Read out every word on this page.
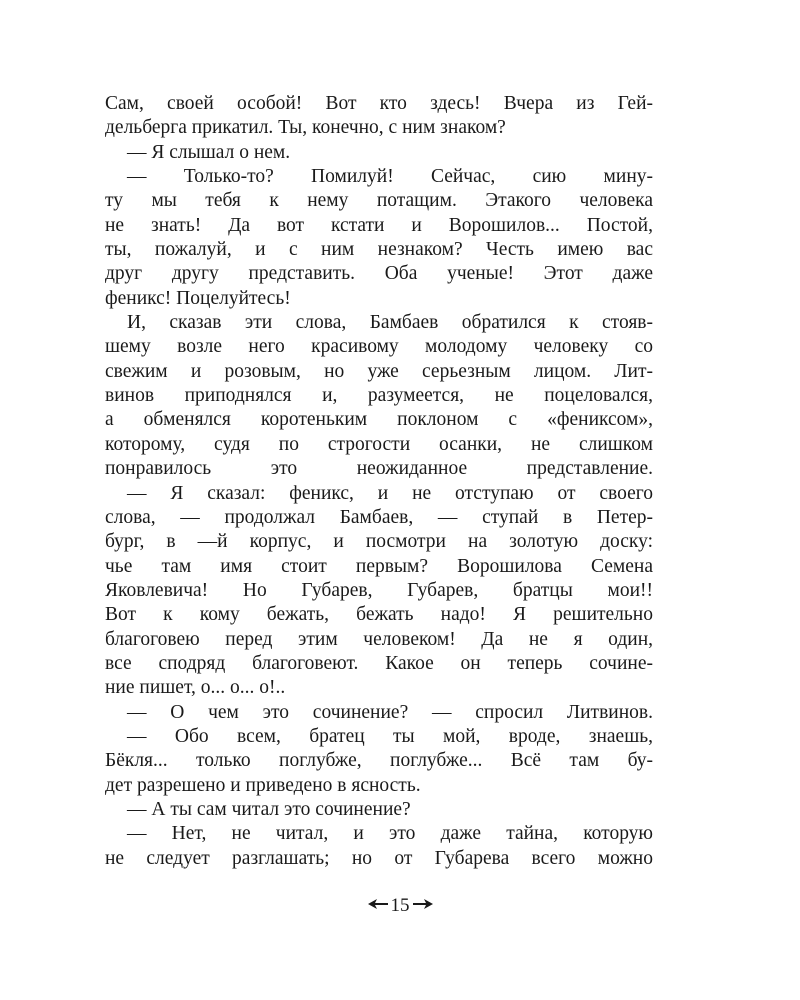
Сам, своей особой! Вот кто здесь! Вчера из Гей-
дельберга прикатил. Ты, конечно, с ним знаком?
— Я слышал о нем.
— Только-то? Помилуй! Сейчас, сию мину-
ту мы тебя к нему потащим. Этакого человека
не знать! Да вот кстати и Ворошилов... Постой,
ты, пожалуй, и с ним незнаком? Честь имею вас
друг другу представить. Оба ученые! Этот даже
феникс! Поцелуйтесь!
И, сказав эти слова, Бамбаев обратился к стояв-
шему возле него красивому молодому человеку со
свежим и розовым, но уже серьезным лицом. Лит-
винов приподнялся и, разумеется, не поцеловался,
а обменялся коротеньким поклоном с «фениксом»,
которому, судя по строгости осанки, не слишком
понравилось это неожиданное представление.
— Я сказал: феникс, и не отступаю от своего
слова, — продолжал Бамбаев, — ступай в Петер-
бург, в —й корпус, и посмотри на золотую доску:
чье там имя стоит первым? Ворошилова Семена
Яковлевича! Но Губарев, Губарев, братцы мои!!
Вот к кому бежать, бежать надо! Я решительно
благоговею перед этим человеком! Да не я один,
все сподряд благоговеют. Какое он теперь сочине-
ние пишет, о... о... о!..
— О чем это сочинение? — спросил Литвинов.
— Обо всем, братец ты мой, вроде, знаешь,
Бёкля... только поглубже, поглубже... Всё там бу-
дет разрешено и приведено в ясность.
— А ты сам читал это сочинение?
— Нет, не читал, и это даже тайна, которую
не следует разглашать; но от Губарева всего можно
15
